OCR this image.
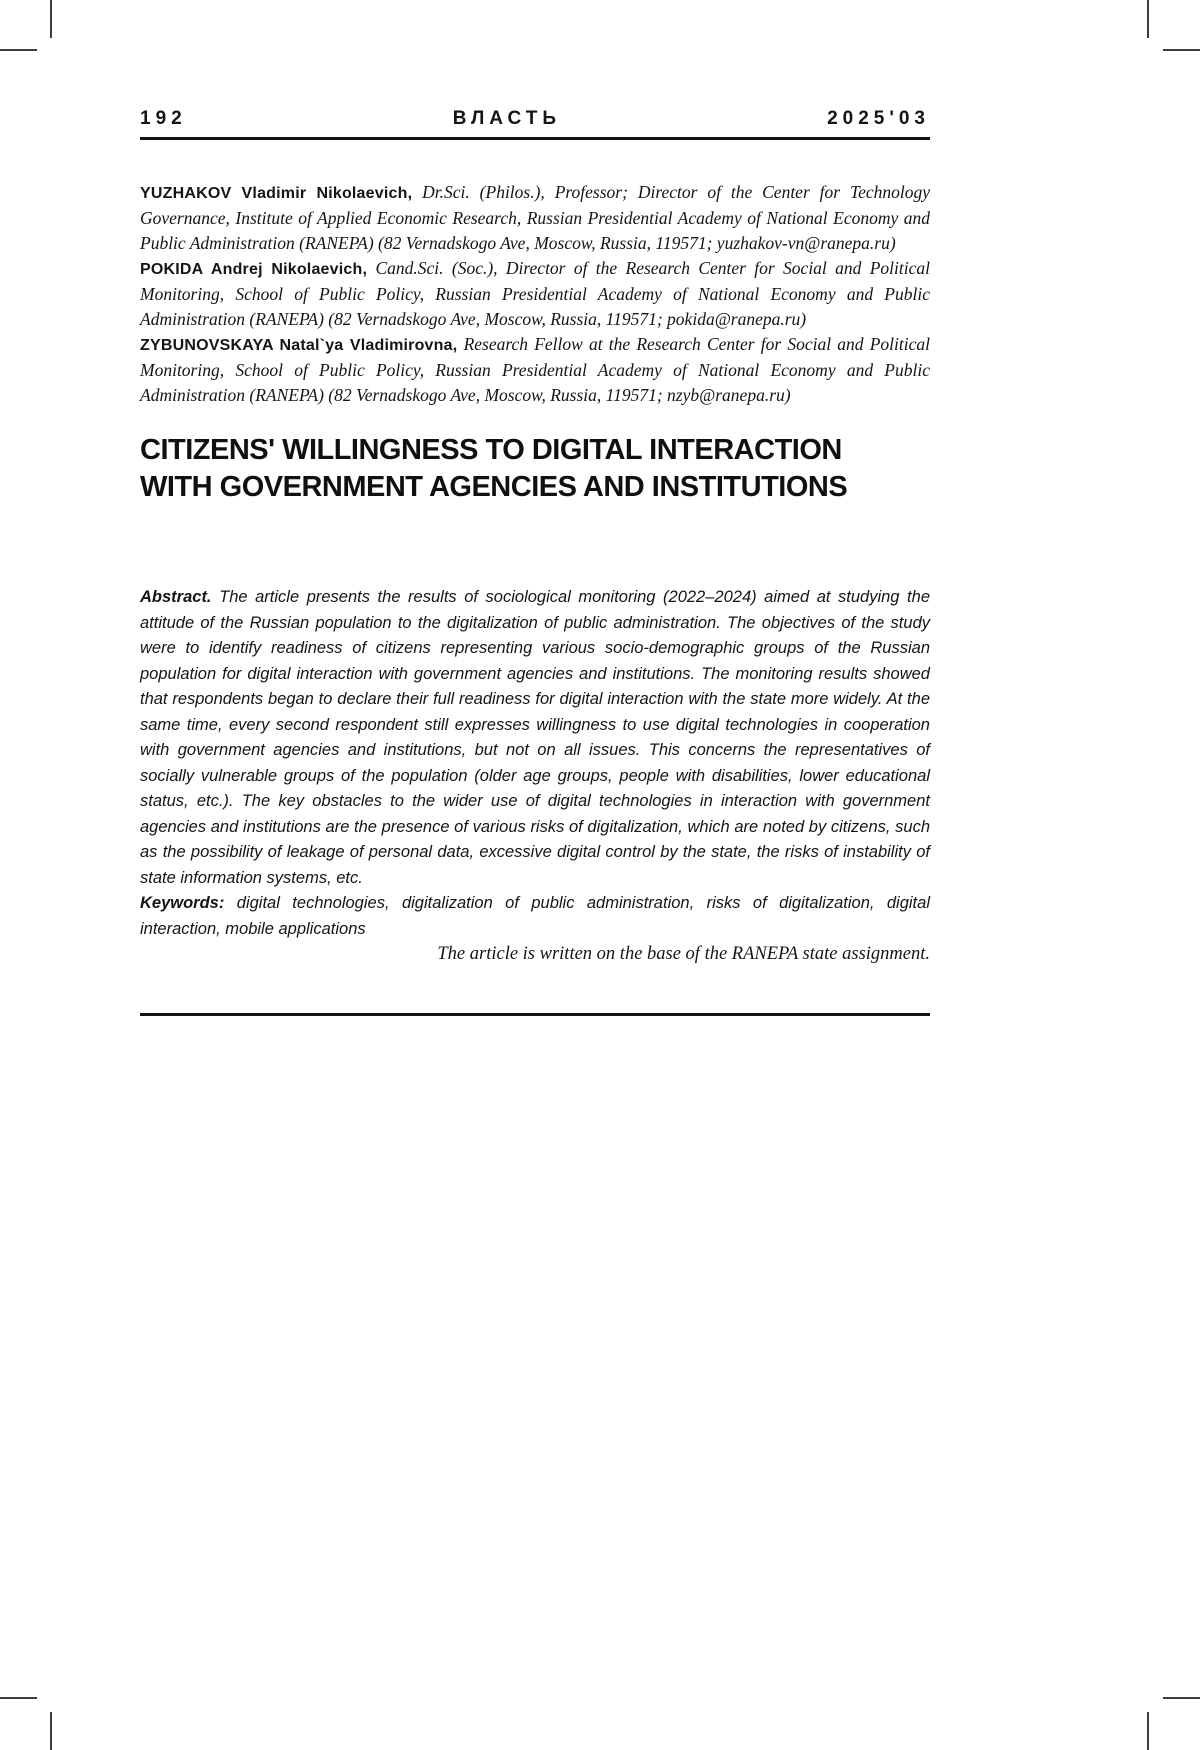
192	ВЛАСТЬ	2025'03

YUZHAKOV Vladimir Nikolaevich, Dr.Sci. (Philos.), Professor; Director of the Center for Technology Governance, Institute of Applied Economic Research, Russian Presidential Academy of National Economy and Public Administration (RANEPA) (82 Vernadskogo Ave, Moscow, Russia, 119571; yuzhakov-vn@ranepa.ru)

POKIDA Andrej Nikolaevich, Cand.Sci. (Soc.), Director of the Research Center for Social and Political Monitoring, School of Public Policy, Russian Presidential Academy of National Economy and Public Administration (RANEPA) (82 Vernadskogo Ave, Moscow, Russia, 119571; pokida@ranepa.ru)

ZYBUNOVSKAYA Natal`ya Vladimirovna, Research Fellow at the Research Center for Social and Political Monitoring, School of Public Policy, Russian Presidential Academy of National Economy and Public Administration (RANEPA) (82 Vernadskogo Ave, Moscow, Russia, 119571; nzyb@ranepa.ru)

CITIZENS' WILLINGNESS TO DIGITAL INTERACTION
WITH GOVERNMENT AGENCIES AND INSTITUTIONS

Abstract. The article presents the results of sociological monitoring (2022–2024) aimed at studying the attitude of the Russian population to the digitalization of public administration. The objectives of the study were to identify readiness of citizens representing various socio-demographic groups of the Russian population for digital interaction with government agencies and institutions. The monitoring results showed that respondents began to declare their full readiness for digital interaction with the state more widely. At the same time, every second respondent still expresses willingness to use digital technologies in cooperation with government agencies and institutions, but not on all issues. This concerns the representatives of socially vulnerable groups of the population (older age groups, people with disabilities, lower educational status, etc.). The key obstacles to the wider use of digital technologies in interaction with government agencies and institutions are the presence of various risks of digitalization, which are noted by citizens, such as the possibility of leakage of personal data, excessive digital control by the state, the risks of instability of state information systems, etc.

Keywords: digital technologies, digitalization of public administration, risks of digitalization, digital interaction, mobile applications

The article is written on the base of the RANEPA state assignment.
